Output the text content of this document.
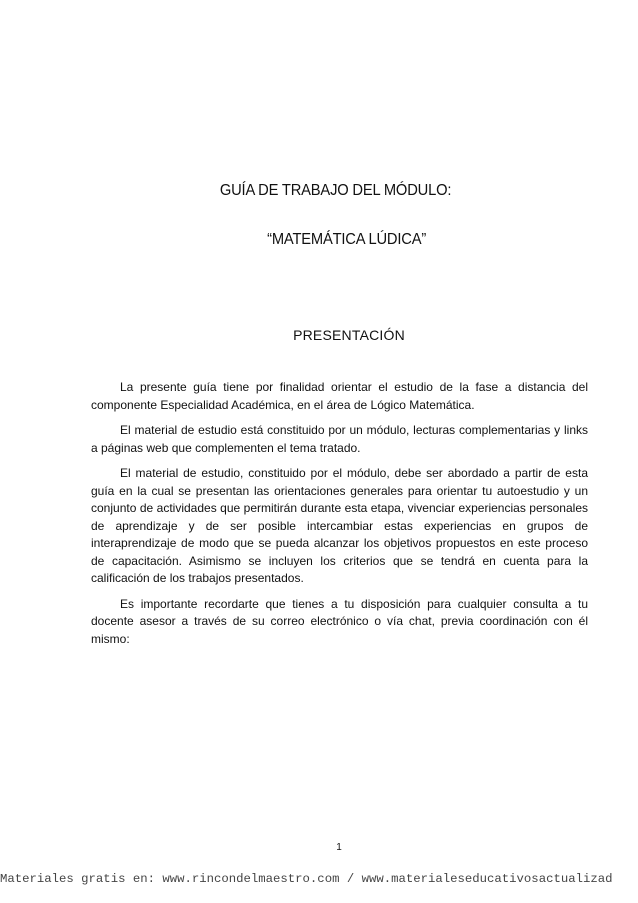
GUÍA DE TRABAJO DEL MÓDULO:
“MATEMÁTICA LÚDICA”
PRESENTACIÓN

La presente guía tiene por finalidad orientar el estudio de la fase a distancia del componente Especialidad Académica, en el área de Lógico Matemática.

El material de estudio está constituido por un módulo, lecturas complementarias y links a páginas web que complementen el tema tratado.

El material de estudio, constituido por el módulo, debe ser abordado a partir de esta guía en la cual se presentan las orientaciones generales para orientar tu autoestudio y un conjunto de actividades que permitirán durante esta etapa, vivenciar experiencias personales de aprendizaje y de ser posible intercambiar estas experiencias en grupos de interaprendizaje de modo que se pueda alcanzar los objetivos propuestos en este proceso de capacitación. Asimismo se incluyen los criterios que se tendrá en cuenta para la calificación de los trabajos presentados.

Es importante recordarte que tienes a tu disposición para cualquier consulta a tu docente asesor a través de su correo electrónico o vía chat, previa coordinación con él mismo:

1
Materiales gratis en: www.rincondelmaestro.com / www.materialeseducativosactualizad
